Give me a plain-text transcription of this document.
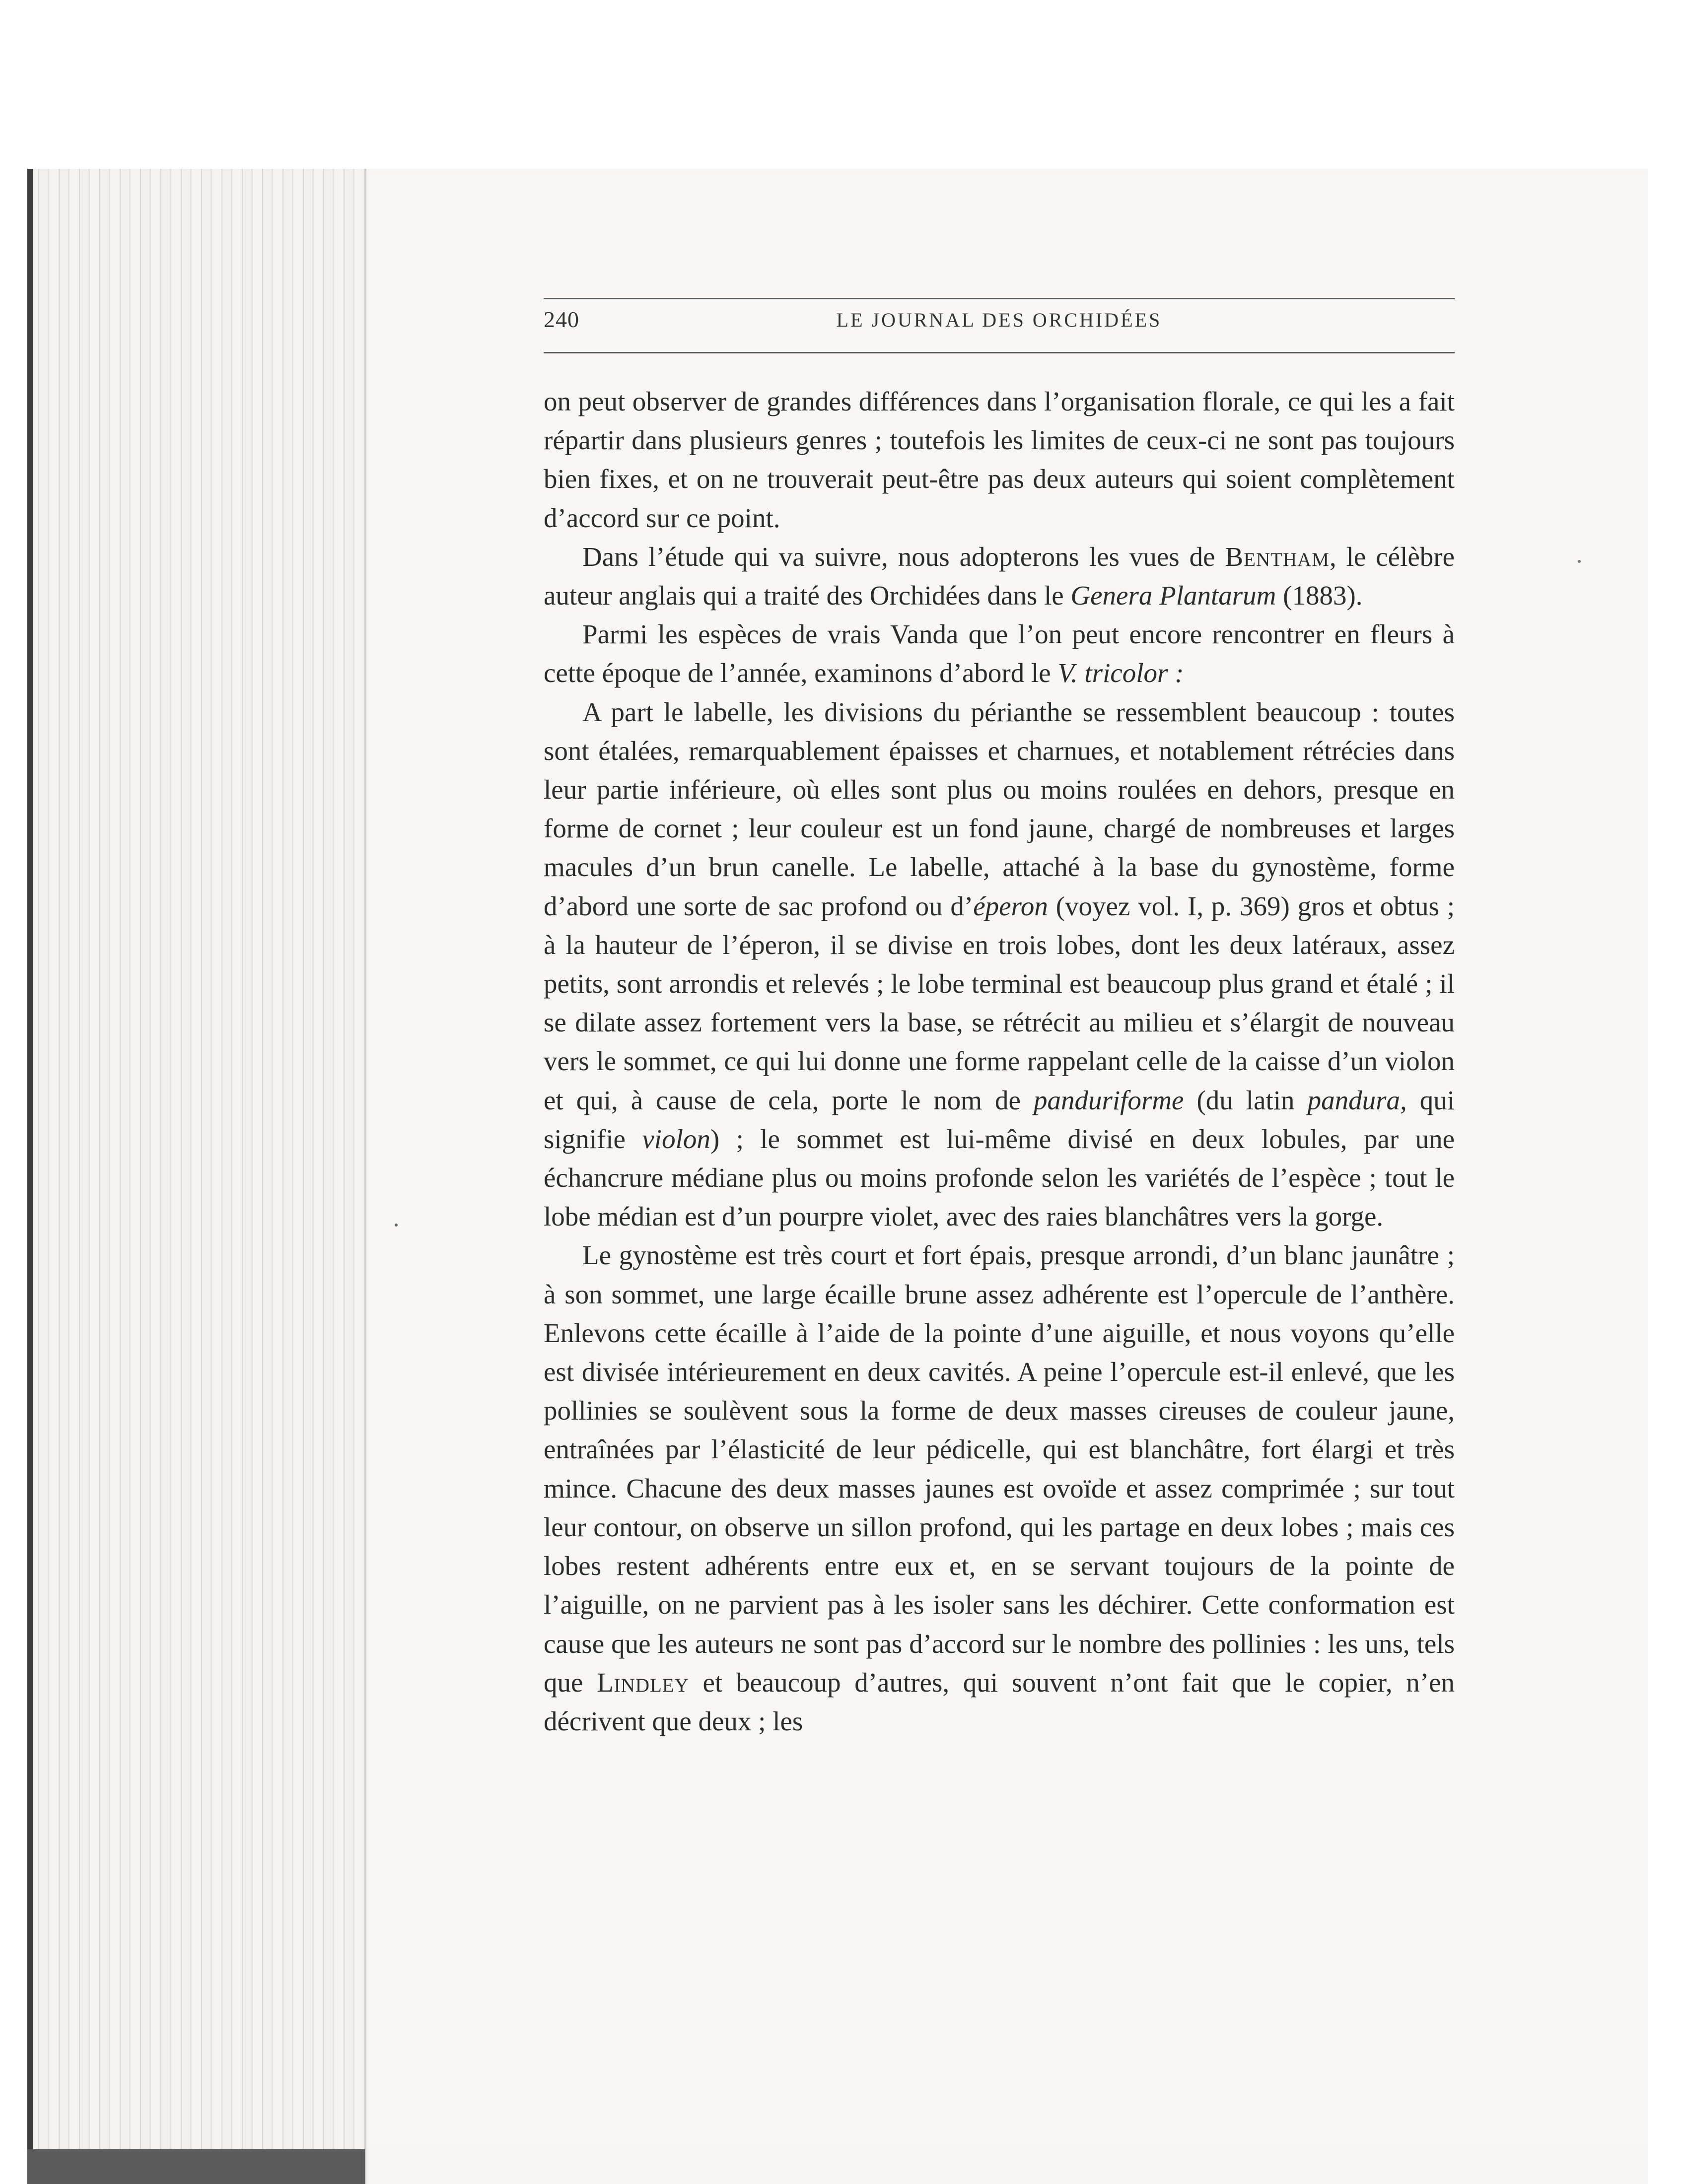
240	LE JOURNAL DES ORCHIDÉES

on peut observer de grandes différences dans l’organisation florale, ce qui les a fait répartir dans plusieurs genres ; toutefois les limites de ceux-ci ne sont pas toujours bien fixes, et on ne trouverait peut-être pas deux auteurs qui soient complètement d’accord sur ce point.

Dans l’étude qui va suivre, nous adopterons les vues de Bentham, le célèbre auteur anglais qui a traité des Orchidées dans le Genera Plantarum (1883).

Parmi les espèces de vrais Vanda que l’on peut encore rencontrer en fleurs à cette époque de l’année, examinons d’abord le V. tricolor :

A part le labelle, les divisions du périanthe se ressemblent beaucoup : toutes sont étalées, remarquablement épaisses et charnues, et notablement rétrécies dans leur partie inférieure, où elles sont plus ou moins roulées en dehors, presque en forme de cornet ; leur couleur est un fond jaune, chargé de nombreuses et larges macules d’un brun canelle. Le labelle, attaché à la base du gynostème, forme d’abord une sorte de sac profond ou d’éperon (voyez vol. I, p. 369) gros et obtus ; à la hauteur de l’éperon, il se divise en trois lobes, dont les deux latéraux, assez petits, sont arrondis et relevés ; le lobe terminal est beaucoup plus grand et étalé ; il se dilate assez fortement vers la base, se rétrécit au milieu et s’élargit de nouveau vers le sommet, ce qui lui donne une forme rappelant celle de la caisse d’un violon et qui, à cause de cela, porte le nom de panduriforme (du latin pandura, qui signifie violon) ; le sommet est lui-même divisé en deux lobules, par une échancrure médiane plus ou moins profonde selon les variétés de l’espèce ; tout le lobe médian est d’un pourpre violet, avec des raies blanchâtres vers la gorge.

Le gynostème est très court et fort épais, presque arrondi, d’un blanc jaunâtre ; à son sommet, une large écaille brune assez adhérente est l’opercule de l’anthère. Enlevons cette écaille à l’aide de la pointe d’une aiguille, et nous voyons qu’elle est divisée intérieurement en deux cavités. A peine l’opercule est-il enlevé, que les pollinies se soulèvent sous la forme de deux masses cireuses de couleur jaune, entraînées par l’élasticité de leur pédicelle, qui est blanchâtre, fort élargi et très mince. Chacune des deux masses jaunes est ovoïde et assez comprimée ; sur tout leur contour, on observe un sillon profond, qui les partage en deux lobes ; mais ces lobes restent adhérents entre eux et, en se servant toujours de la pointe de l’aiguille, on ne parvient pas à les isoler sans les déchirer. Cette conformation est cause que les auteurs ne sont pas d’accord sur le nombre des pollinies : les uns, tels que Lindley et beaucoup d’autres, qui souvent n’ont fait que le copier, n’en décrivent que deux ; les
